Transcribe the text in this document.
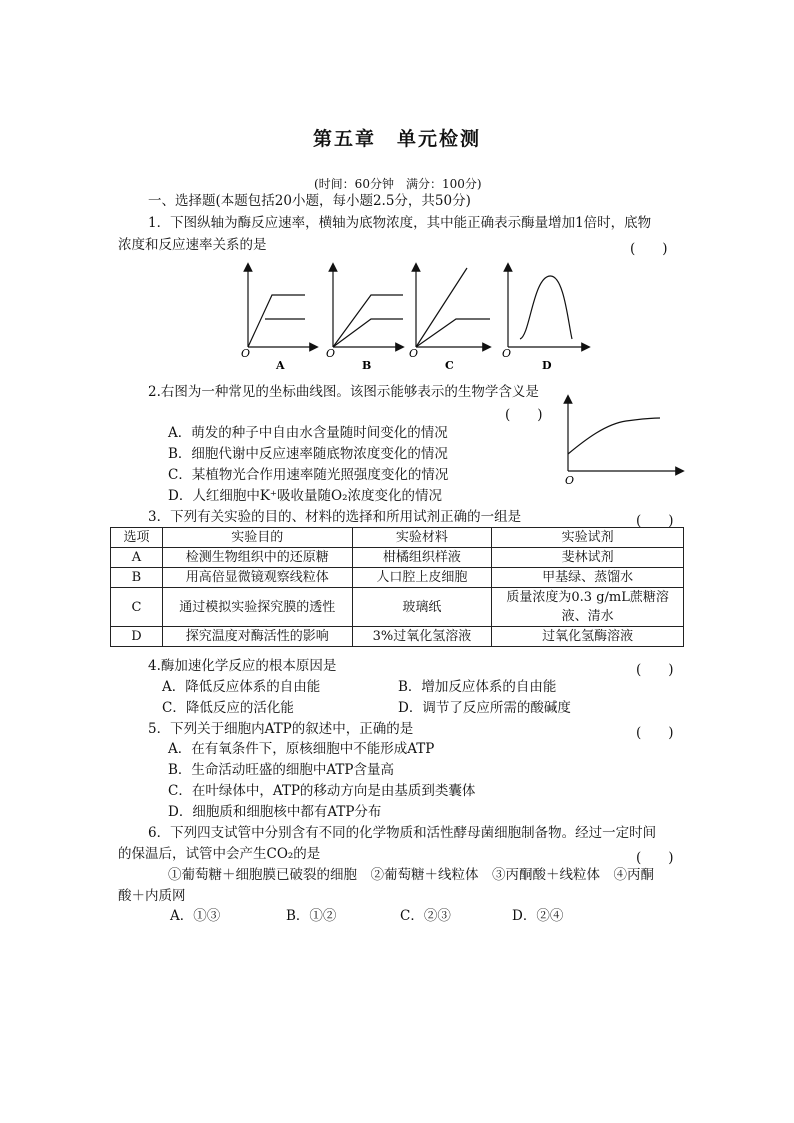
第五章　单元检测
(时间：60分钟　满分：100分)
一、选择题(本题包括20小题，每小题2.5分，共50分)
1．下图纵轴为酶反应速率，横轴为底物浓度，其中能正确表示酶量增加1倍时，底物
浓度和反应速率关系的是	(　　)
O
A
O
B
O
C
O
D
2.右图为一种常见的坐标曲线图。该图示能够表示的生物学含义是
(　　)
A．萌发的种子中自由水含量随时间变化的情况
B．细胞代谢中反应速率随底物浓度变化的情况
C．某植物光合作用速率随光照强度变化的情况
D．人红细胞中K⁺吸收量随O₂浓度变化的情况
O
3．下列有关实验的目的、材料的选择和所用试剂正确的一组是	(　　)
选项	实验目的	实验材料	实验试剂
A	检测生物组织中的还原糖	柑橘组织样液	斐林试剂
B	用高倍显微镜观察线粒体	人口腔上皮细胞	甲基绿、蒸馏水
C	通过模拟实验探究膜的透性	玻璃纸	质量浓度为0.3 g/mL蔗糖溶
液、清水

D	探究温度对酶活性的影响	3%过氧化氢溶液	过氧化氢酶溶液
4.酶加速化学反应的根本原因是	(　　)
A．降低反应体系的自由能	B．增加反应体系的自由能
C．降低反应的活化能	D．调节了反应所需的酸碱度
5．下列关于细胞内ATP的叙述中，正确的是	(　　)
A．在有氧条件下，原核细胞中不能形成ATP
B．生命活动旺盛的细胞中ATP含量高
C．在叶绿体中，ATP的移动方向是由基质到类囊体
D．细胞质和细胞核中都有ATP分布
6．下列四支试管中分别含有不同的化学物质和活性酵母菌细胞制备物。经过一定时间
的保温后，试管中会产生CO₂的是	(　　)
①葡萄糖＋细胞膜已破裂的细胞　②葡萄糖＋线粒体　③丙酮酸＋线粒体　④丙酮
酸＋内质网
A．①③	B．①②	C．②③	D．②④
